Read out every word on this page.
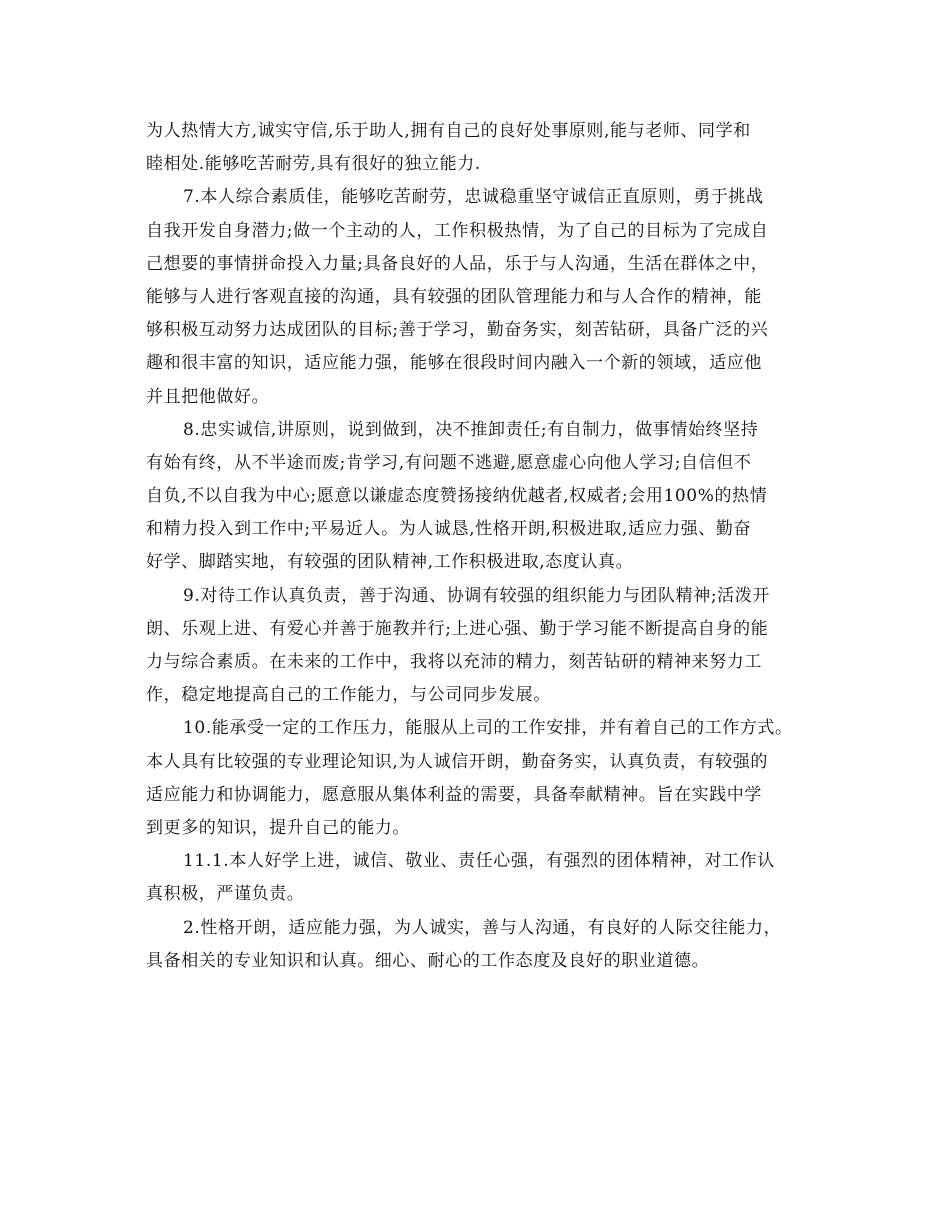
为人热情大方,诚实守信,乐于助人,拥有自己的良好处事原则,能与老师、同学和
睦相处.能够吃苦耐劳,具有很好的独立能力.
7.本人综合素质佳，能够吃苦耐劳，忠诚稳重坚守诚信正直原则，勇于挑战
自我开发自身潜力;做一个主动的人，工作积极热情，为了自己的目标为了完成自
己想要的事情拼命投入力量;具备良好的人品，乐于与人沟通，生活在群体之中，
能够与人进行客观直接的沟通，具有较强的团队管理能力和与人合作的精神，能
够积极互动努力达成团队的目标;善于学习，勤奋务实，刻苦钻研，具备广泛的兴
趣和很丰富的知识，适应能力强，能够在很段时间内融入一个新的领域，适应他
并且把他做好。
8.忠实诚信,讲原则，说到做到，决不推卸责任;有自制力，做事情始终坚持
有始有终，从不半途而废;肯学习,有问题不逃避,愿意虚心向他人学习;自信但不
自负,不以自我为中心;愿意以谦虚态度赞扬接纳优越者,权威者;会用100%的热情
和精力投入到工作中;平易近人。为人诚恳,性格开朗,积极进取,适应力强、勤奋
好学、脚踏实地，有较强的团队精神,工作积极进取,态度认真。
9.对待工作认真负责，善于沟通、协调有较强的组织能力与团队精神;活泼开
朗、乐观上进、有爱心并善于施教并行;上进心强、勤于学习能不断提高自身的能
力与综合素质。在未来的工作中，我将以充沛的精力，刻苦钻研的精神来努力工
作，稳定地提高自己的工作能力，与公司同步发展。
10.能承受一定的工作压力，能服从上司的工作安排，并有着自己的工作方式。
本人具有比较强的专业理论知识,为人诚信开朗，勤奋务实，认真负责，有较强的
适应能力和协调能力，愿意服从集体利益的需要，具备奉献精神。旨在实践中学
到更多的知识，提升自己的能力。
11.1.本人好学上进，诚信、敬业、责任心强，有强烈的团体精神，对工作认
真积极，严谨负责。
2.性格开朗，适应能力强，为人诚实，善与人沟通，有良好的人际交往能力，
具备相关的专业知识和认真。细心、耐心的工作态度及良好的职业道德。
